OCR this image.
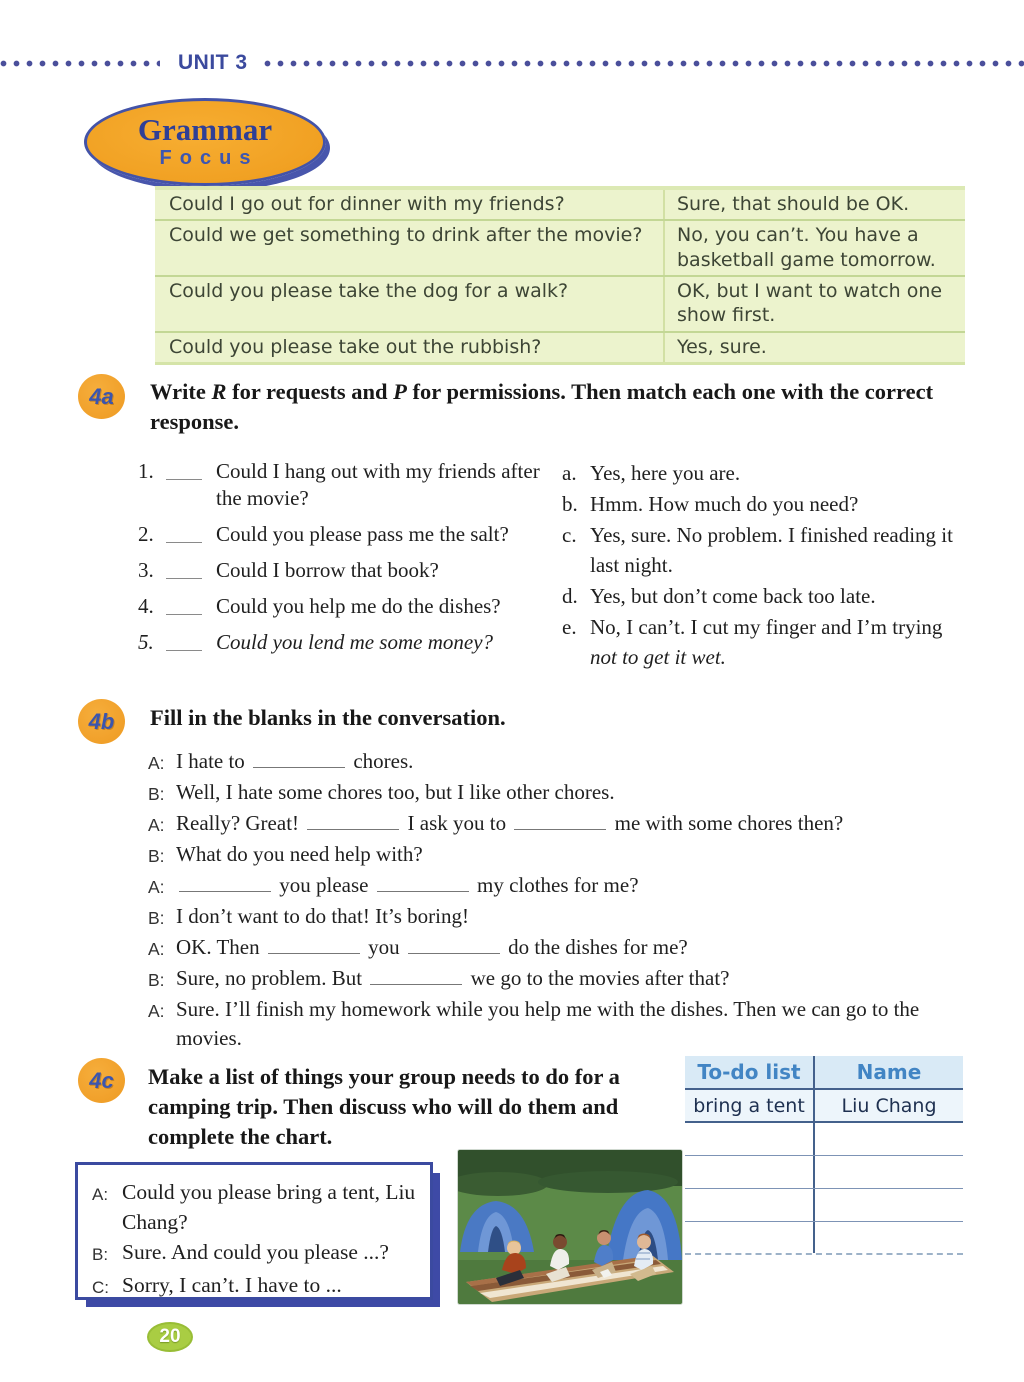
UNIT 3
Grammar
Focus
Could I go out for dinner with my friends?	Sure, that should be OK.
Could we get something to drink after the movie?	No, you can’t. You have a basketball game tomorrow.
Could you please take the dog for a walk?	OK, but I want to watch one show first.
Could you please take out the rubbish?	Yes, sure.
4a	Write R for requests and P for permissions. Then match each one with the correct response.
1.	Could I hang out with my friends after the movie?
2.	Could you please pass me the salt?
3.	Could I borrow that book?
4.	Could you help me do the dishes?
5.	Could you lend me some money?
a. Yes, here you are.
b. Hmm. How much do you need?
c. Yes, sure. No problem. I finished reading it last night.
d. Yes, but don’t come back too late.
e. No, I can’t. I cut my finger and I’m trying not to get it wet.
4b	Fill in the blanks in the conversation.
A: I hate to	chores.
B: Well, I hate some chores too, but I like other chores.
A: Really? Great!	I ask you to	me with some chores then?
B: What do you need help with?
A:	you please	my clothes for me?
B: I don’t want to do that! It’s boring!
A: OK. Then	you	do the dishes for me?
B: Sure, no problem. But	we go to the movies after that?
A: Sure. I’ll finish my homework while you help me with the dishes. Then we can go to the movies.
4c	Make a list of things your group needs to do for a camping trip. Then discuss who will do them and complete the chart.
To-do list	Name
bring a tent	Liu Chang
A: Could you please bring a tent, Liu Chang?
B: Sure. And could you please ...?
C: Sorry, I can’t. I have to ...
20
